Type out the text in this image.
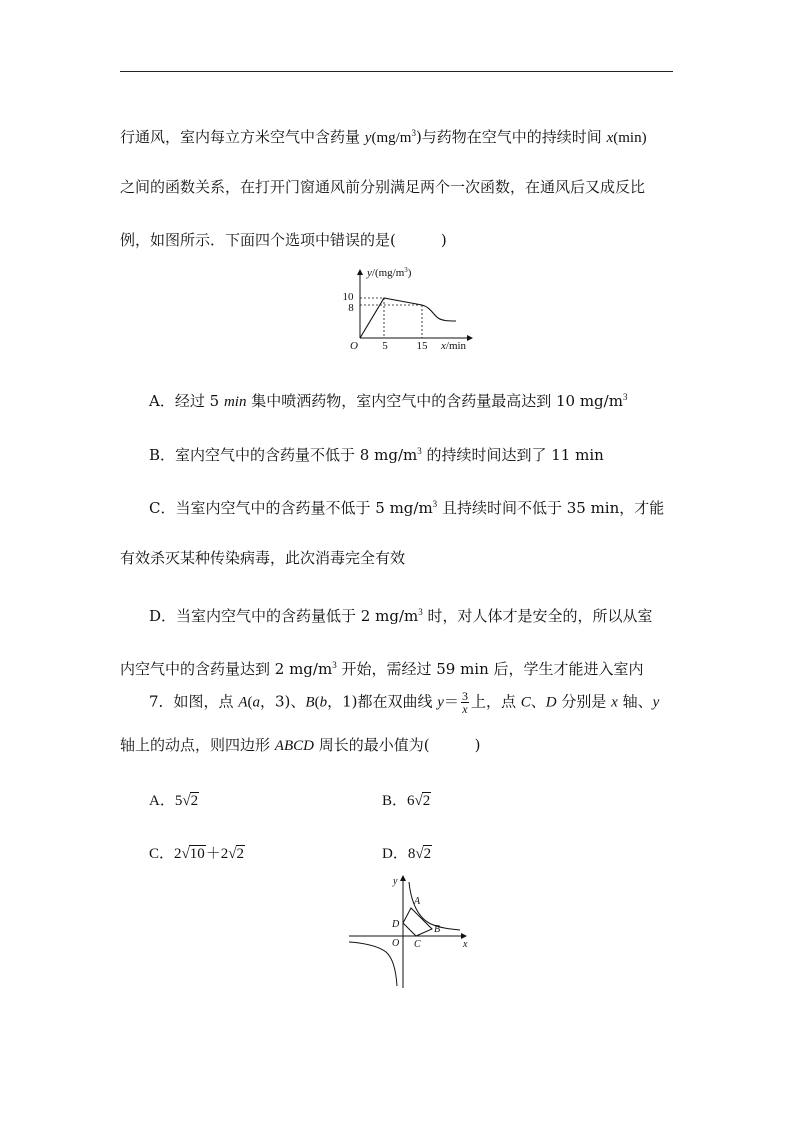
行通风，室内每立方米空气中含药量 $y(mg/m^3)$与药物在空气中的持续时间 x(min)
之间的函数关系，在打开门窗通风前分别满足两个一次函数，在通风后又成反比
例，如图所示．下面四个选项中错误的是(　　　)
$y/(mg/m^3)$
10
8
O 5	15 x/min
A．经过 5 min 集中喷洒药物，室内空气中的含药量最高达到 10 $mg/m^3$
B．室内空气中的含药量不低于 8 $mg/m^3$ 的持续时间达到了 11 min
C．当室内空气中的含药量不低于 5 $mg/m^3$ 且持续时间不低于 35 min，才能
有效杀灭某种传染病毒，此次消毒完全有效
D．当室内空气中的含药量低于 2 $mg/m^3$ 时，对人体才是安全的，所以从室
内空气中的含药量达到 2 $mg/m^3$ 开始，需经过 59 min 后，学生才能进入室内
7．如图，点 A(a，3)、B(b，1)都在双曲线 $y= \frac{3}{x}$ 上，点 C、D 分别是 x 轴、y
轴上的动点，则四边形 ABCD 周长的最小值为(　　　)
A．5√2	B．6√2
C．2√10＋2√2	D．8√2
y
x
O
A
B
C
D
